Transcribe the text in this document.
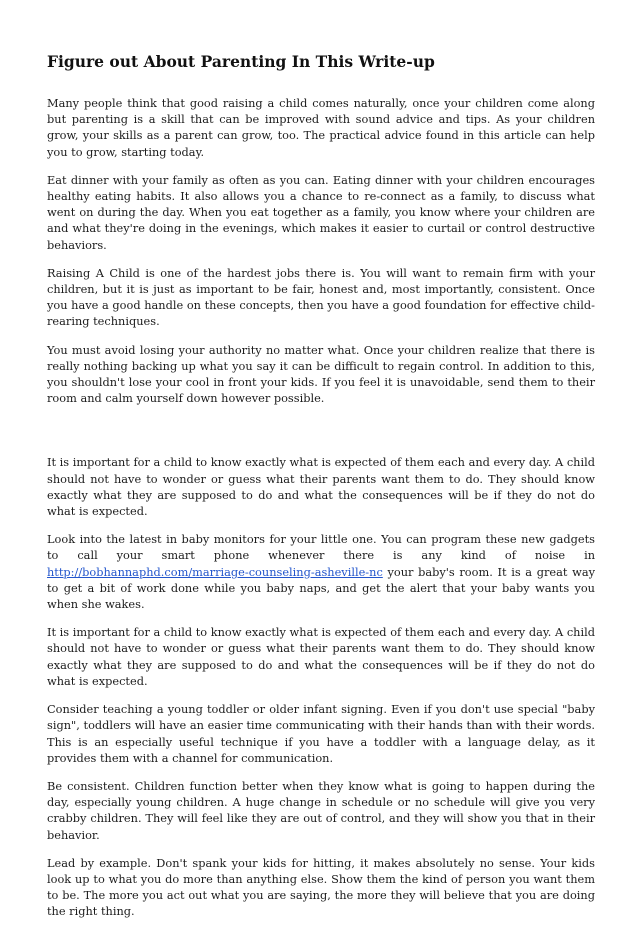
Figure out About Parenting In This Write-up

Many people think that good raising a child comes naturally, once your children come along but parenting is a skill that can be improved with sound advice and tips. As your children grow, your skills as a parent can grow, too. The practical advice found in this article can help you to grow, starting today.

Eat dinner with your family as often as you can. Eating dinner with your children encourages healthy eating habits. It also allows you a chance to re-connect as a family, to discuss what went on during the day. When you eat together as a family, you know where your children are and what they're doing in the evenings, which makes it easier to curtail or control destructive behaviors.

Raising A Child is one of the hardest jobs there is. You will want to remain firm with your children, but it is just as important to be fair, honest and, most importantly, consistent. Once you have a good handle on these concepts, then you have a good foundation for effective child-rearing techniques.

You must avoid losing your authority no matter what. Once your children realize that there is really nothing backing up what you say it can be difficult to regain control. In addition to this, you shouldn't lose your cool in front your kids. If you feel it is unavoidable, send them to their room and calm yourself down however possible.

It is important for a child to know exactly what is expected of them each and every day. A child should not have to wonder or guess what their parents want them to do. They should know exactly what they are supposed to do and what the consequences will be if they do not do what is expected.

Look into the latest in baby monitors for your little one. You can program these new gadgets to call your smart phone whenever there is any kind of noise in http://bobhannaphd.com/marriage-counseling-asheville-nc your baby's room. It is a great way to get a bit of work done while you baby naps, and get the alert that your baby wants you when she wakes.

It is important for a child to know exactly what is expected of them each and every day. A child should not have to wonder or guess what their parents want them to do. They should know exactly what they are supposed to do and what the consequences will be if they do not do what is expected.

Consider teaching a young toddler or older infant signing. Even if you don't use special "baby sign", toddlers will have an easier time communicating with their hands than with their words. This is an especially useful technique if you have a toddler with a language delay, as it provides them with a channel for communication.

Be consistent. Children function better when they know what is going to happen during the day, especially young children. A huge change in schedule or no schedule will give you very crabby children. They will feel like they are out of control, and they will show you that in their behavior.

Lead by example. Don't spank your kids for hitting, it makes absolutely no sense. Your kids look up to what you do more than anything else. Show them the kind of person you want them to be. The more you act out what you are saying, the more they will believe that you are doing the right thing.
